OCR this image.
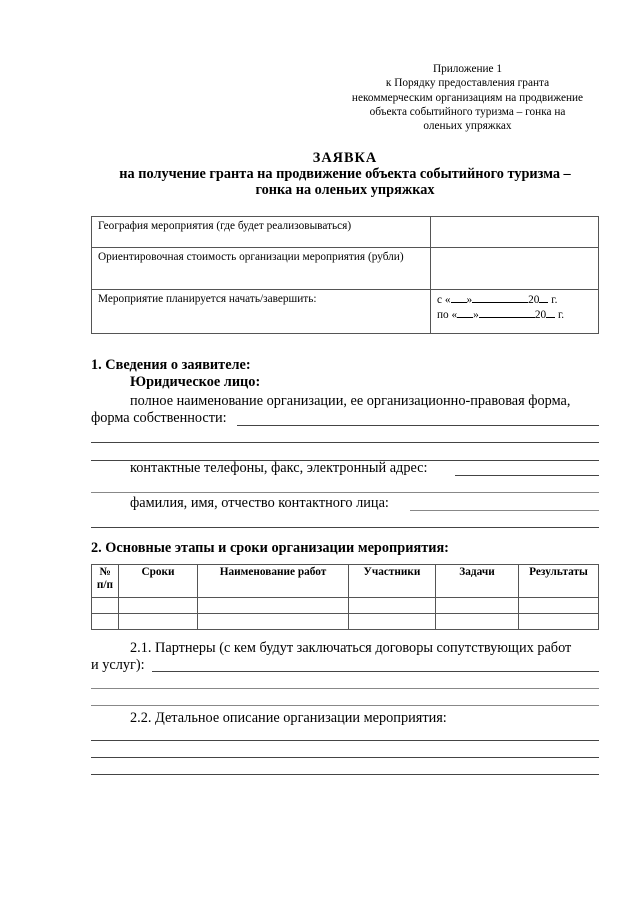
Приложение 1
к Порядку предоставления гранта
некоммерческим организациям на продвижение
объекта событийного туризма – гонка на
оленьих упряжках
ЗАЯВКА
на получение гранта на продвижение объекта событийного туризма –
гонка на оленьих упряжках
География мероприятия (где будет реализовываться)	
Ориентировочная стоимость организации мероприятия (рубли)	
Мероприятие планируется начать/завершить:	с « » 20 г.
по « » 20 г.
1. Сведения о заявителе:
Юридическое лицо:
полное наименование организации, ее организационно-правовая форма,
форма собственности:
контактные телефоны, факс, электронный адрес:
фамилия, имя, отчество контактного лица:
2. Основные этапы и сроки организации мероприятия:
№ п/п	Сроки	Наименование работ	Участники	Задачи	Результаты

2.1. Партнеры (с кем будут заключаться договоры сопутствующих работ
и услуг):
2.2. Детальное описание организации мероприятия:
